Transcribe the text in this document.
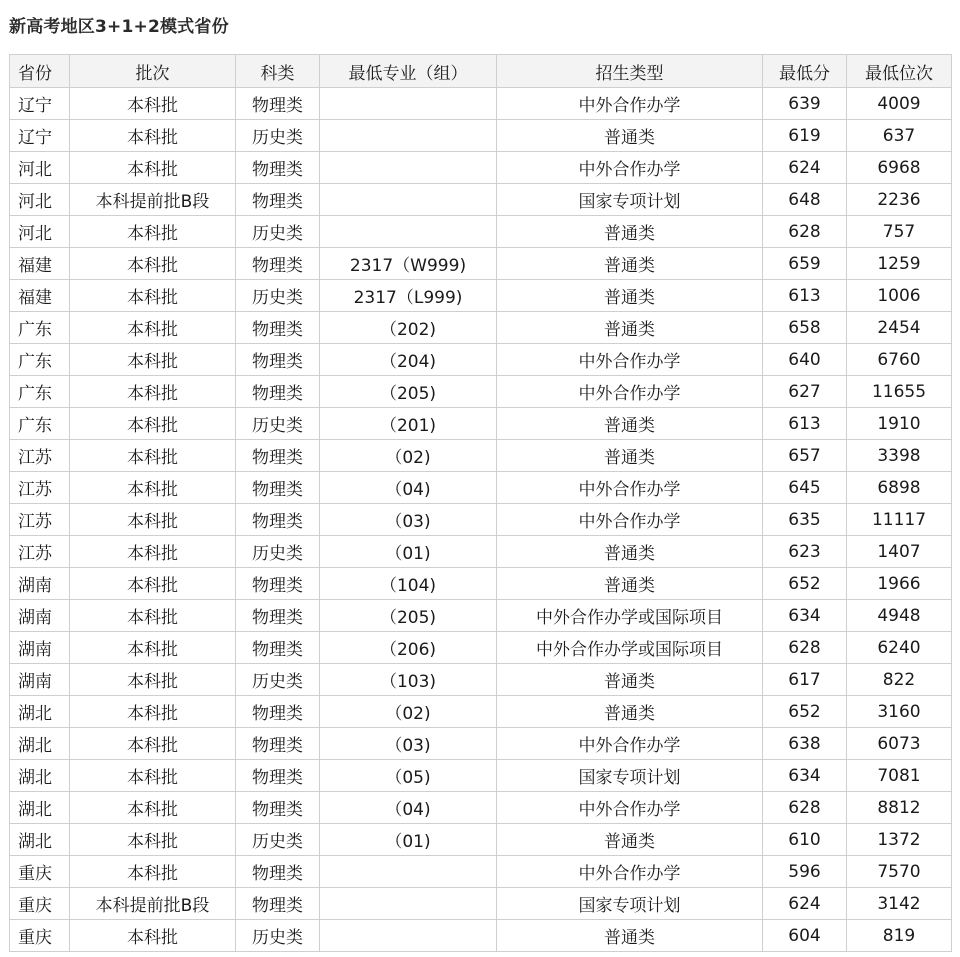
新高考地区3+1+2模式省份
省份	批次	科类	最低专业（组）	招生类型	最低分	最低位次
辽宁	本科批	物理类		中外合作办学	639	4009
辽宁	本科批	历史类		普通类	619	637
河北	本科批	物理类		中外合作办学	624	6968
河北	本科提前批B段	物理类		国家专项计划	648	2236
河北	本科批	历史类		普通类	628	757
福建	本科批	物理类	2317（W999)	普通类	659	1259
福建	本科批	历史类	2317（L999)	普通类	613	1006
广东	本科批	物理类	（202)	普通类	658	2454
广东	本科批	物理类	（204)	中外合作办学	640	6760
广东	本科批	物理类	（205)	中外合作办学	627	11655
广东	本科批	历史类	（201)	普通类	613	1910
江苏	本科批	物理类	（02)	普通类	657	3398
江苏	本科批	物理类	（04)	中外合作办学	645	6898
江苏	本科批	物理类	（03)	中外合作办学	635	11117
江苏	本科批	历史类	（01)	普通类	623	1407
湖南	本科批	物理类	（104)	普通类	652	1966
湖南	本科批	物理类	（205)	中外合作办学或国际项目	634	4948
湖南	本科批	物理类	（206)	中外合作办学或国际项目	628	6240
湖南	本科批	历史类	（103)	普通类	617	822
湖北	本科批	物理类	（02)	普通类	652	3160
湖北	本科批	物理类	（03)	中外合作办学	638	6073
湖北	本科批	物理类	（05)	国家专项计划	634	7081
湖北	本科批	物理类	（04)	中外合作办学	628	8812
湖北	本科批	历史类	（01)	普通类	610	1372
重庆	本科批	物理类		中外合作办学	596	7570
重庆	本科提前批B段	物理类		国家专项计划	624	3142
重庆	本科批	历史类		普通类	604	819
